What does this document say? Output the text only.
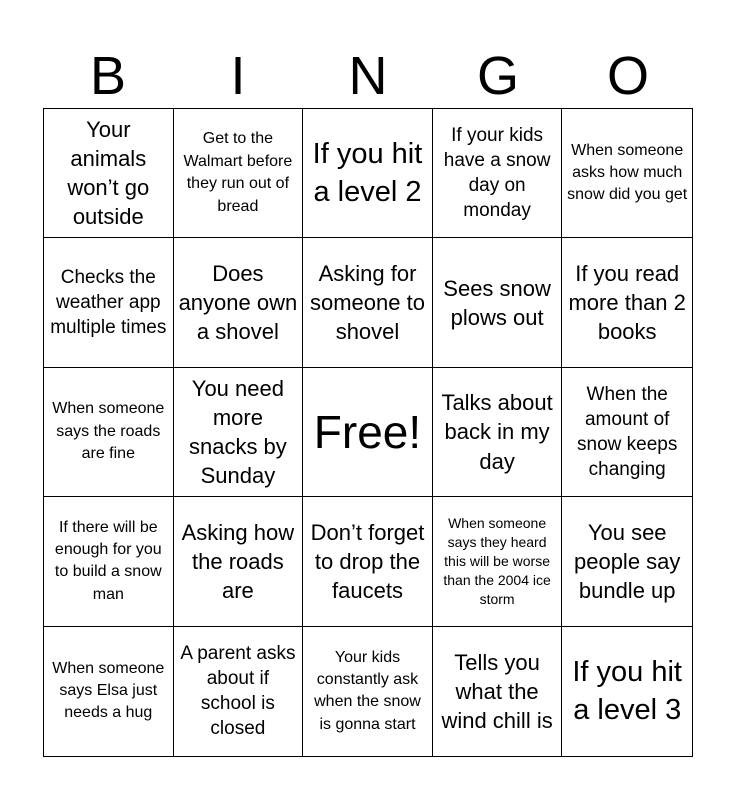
B	I	N	G	O
Your animals won’t go outside
Get to the Walmart before they run out of bread
If you hit a level 2
If your kids have a snow day on monday
When someone asks how much snow did you get
Checks the weather app multiple times
Does anyone own a shovel
Asking for someone to shovel
Sees snow plows out
If you read more than 2 books
When someone says the roads are fine
You need more snacks by Sunday
Free!
Talks about back in my day
When the amount of snow keeps changing
If there will be enough for you to build a snow man
Asking how the roads are
Don’t forget to drop the faucets
When someone says they heard this will be worse than the 2004 ice storm
You see people say bundle up
When someone says Elsa just needs a hug
A parent asks about if school is closed
Your kids constantly ask when the snow is gonna start
Tells you what the wind chill is
If you hit a level 3
